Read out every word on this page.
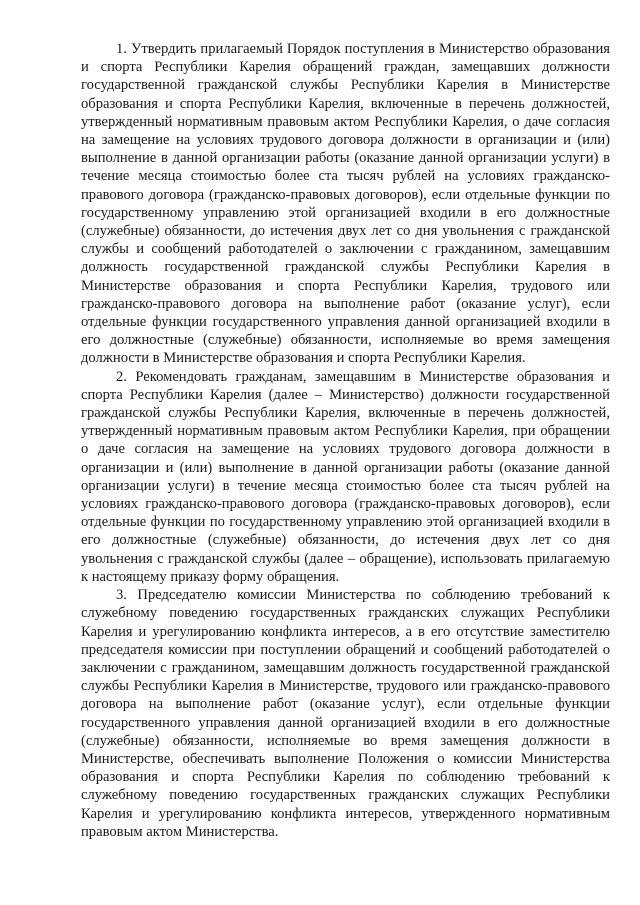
1. Утвердить прилагаемый Порядок поступления в Министерство образования и спорта Республики Карелия обращений граждан, замещавших должности государственной гражданской службы Республики Карелия в Министерстве образования и спорта Республики Карелия, включенные в перечень должностей, утвержденный нормативным правовым актом Республики Карелия, о даче согласия на замещение на условиях трудового договора должности в организации и (или) выполнение в данной организации работы (оказание данной организации услуги) в течение месяца стоимостью более ста тысяч рублей на условиях гражданско-правового договора (гражданско-правовых договоров), если отдельные функции по государственному управлению этой организацией входили в его должностные (служебные) обязанности, до истечения двух лет со дня увольнения с гражданской службы и сообщений работодателей о заключении с гражданином, замещавшим должность государственной гражданской службы Республики Карелия в Министерстве образования и спорта Республики Карелия, трудового или гражданско-правового договора на выполнение работ (оказание услуг), если отдельные функции государственного управления данной организацией входили в его должностные (служебные) обязанности, исполняемые во время замещения должности в Министерстве образования и спорта Республики Карелия.

2. Рекомендовать гражданам, замещавшим в Министерстве образования и спорта Республики Карелия (далее – Министерство) должности государственной гражданской службы Республики Карелия, включенные в перечень должностей, утвержденный нормативным правовым актом Республики Карелия, при обращении о даче согласия на замещение на условиях трудового договора должности в организации и (или) выполнение в данной организации работы (оказание данной организации услуги) в течение месяца стоимостью более ста тысяч рублей на условиях гражданско-правового договора (гражданско-правовых договоров), если отдельные функции по государственному управлению этой организацией входили в его должностные (служебные) обязанности, до истечения двух лет со дня увольнения с гражданской службы (далее – обращение), использовать прилагаемую к настоящему приказу форму обращения.

3. Председателю комиссии Министерства по соблюдению требований к служебному поведению государственных гражданских служащих Республики Карелия и урегулированию конфликта интересов, а в его отсутствие заместителю председателя комиссии при поступлении обращений и сообщений работодателей о заключении с гражданином, замещавшим должность государственной гражданской службы Республики Карелия в Министерстве, трудового или гражданско-правового договора на выполнение работ (оказание услуг), если отдельные функции государственного управления данной организацией входили в его должностные (служебные) обязанности, исполняемые во время замещения должности в Министерстве, обеспечивать выполнение Положения о комиссии Министерства образования и спорта Республики Карелия по соблюдению требований к служебному поведению государственных гражданских служащих Республики Карелия и урегулированию конфликта интересов, утвержденного нормативным правовым актом Министерства.
